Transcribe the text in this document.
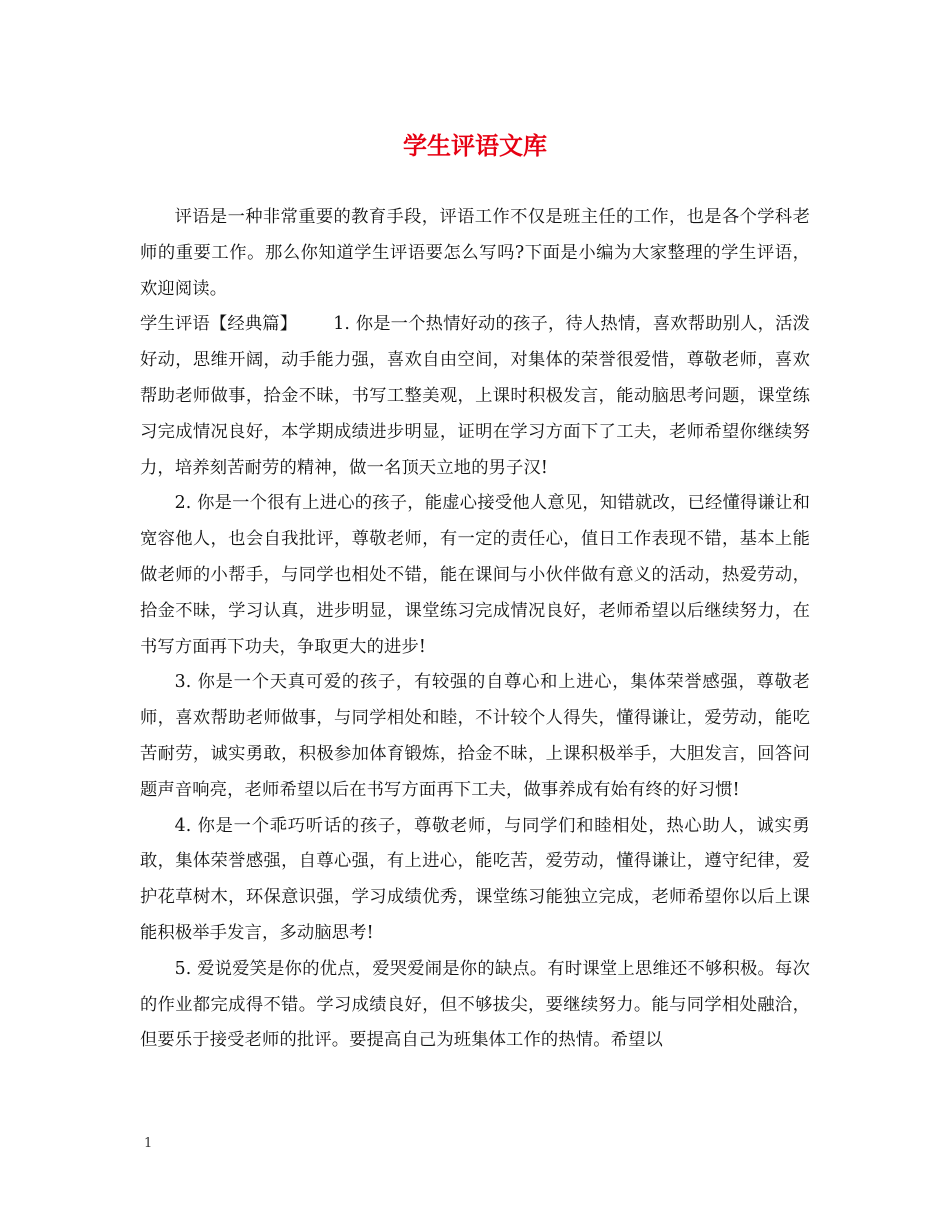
学生评语文库

评语是一种非常重要的教育手段，评语工作不仅是班主任的工作，也是各个学科老师的重要工作。那么你知道学生评语要怎么写吗?下面是小编为大家整理的学生评语，欢迎阅读。

学生评语【经典篇】 1. 你是一个热情好动的孩子，待人热情，喜欢帮助别人，活泼好动，思维开阔，动手能力强，喜欢自由空间，对集体的荣誉很爱惜，尊敬老师，喜欢帮助老师做事，拾金不昧，书写工整美观，上课时积极发言，能动脑思考问题，课堂练习完成情况良好，本学期成绩进步明显，证明在学习方面下了工夫，老师希望你继续努力，培养刻苦耐劳的精神，做一名顶天立地的男子汉!

2. 你是一个很有上进心的孩子，能虚心接受他人意见，知错就改，已经懂得谦让和宽容他人，也会自我批评，尊敬老师，有一定的责任心，值日工作表现不错，基本上能做老师的小帮手，与同学也相处不错，能在课间与小伙伴做有意义的活动，热爱劳动，拾金不昧，学习认真，进步明显，课堂练习完成情况良好，老师希望以后继续努力，在书写方面再下功夫，争取更大的进步!

3. 你是一个天真可爱的孩子，有较强的自尊心和上进心，集体荣誉感强，尊敬老师，喜欢帮助老师做事，与同学相处和睦，不计较个人得失，懂得谦让，爱劳动，能吃苦耐劳，诚实勇敢，积极参加体育锻炼，拾金不昧，上课积极举手，大胆发言，回答问题声音响亮，老师希望以后在书写方面再下工夫，做事养成有始有终的好习惯!

4. 你是一个乖巧听话的孩子，尊敬老师，与同学们和睦相处，热心助人，诚实勇敢，集体荣誉感强，自尊心强，有上进心，能吃苦，爱劳动，懂得谦让，遵守纪律，爱护花草树木，环保意识强，学习成绩优秀，课堂练习能独立完成，老师希望你以后上课能积极举手发言，多动脑思考!

5. 爱说爱笑是你的优点，爱哭爱闹是你的缺点。有时课堂上思维还不够积极。每次的作业都完成得不错。学习成绩良好，但不够拔尖，要继续努力。能与同学相处融洽，但要乐于接受老师的批评。要提高自己为班集体工作的热情。希望以

1
